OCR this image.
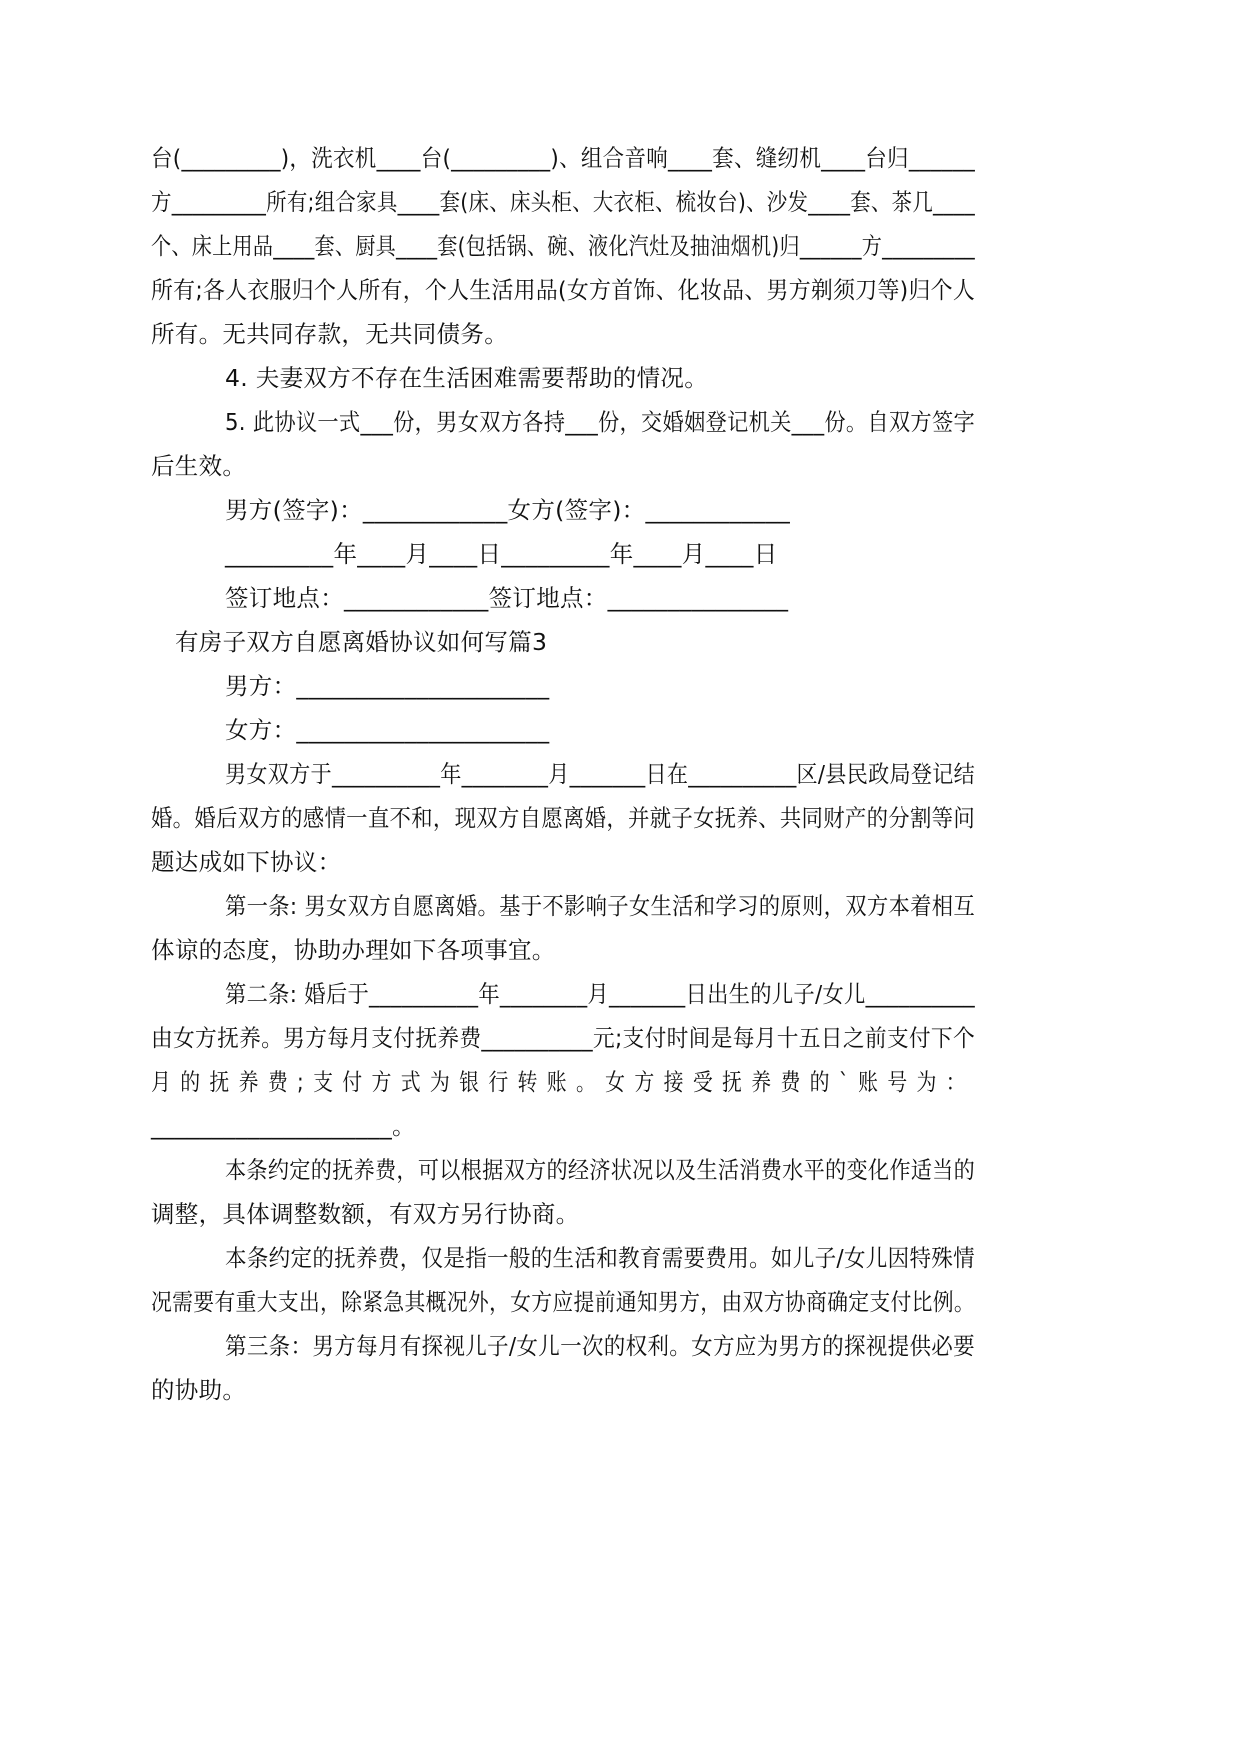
台(_________)，洗衣机____台(_________)、组合音响____套、缝纫机____台归______
方_________所有;组合家具____套(床、床头柜、大衣柜、梳妆台)、沙发____套、茶几____
个、床上用品____套、厨具____套(包括锅、碗、液化汽灶及抽油烟机)归______方_________
所有;各人衣服归个人所有，个人生活用品(女方首饰、化妆品、男方剃须刀等)归个人
所有。无共同存款，无共同债务。
4. 夫妻双方不存在生活困难需要帮助的情况。
5. 此协议一式___份，男女双方各持___份，交婚姻登记机关___份。自双方签字
后生效。
男方(签字)：____________女方(签字)：____________
_________年____月____日_________年____月____日
签订地点：____________签订地点：_______________
有房子双方自愿离婚协议如何写篇3
男方：_____________________
女方：_____________________
男女双方于__________年________月_______日在__________区/县民政局登记结
婚。婚后双方的感情一直不和，现双方自愿离婚，并就子女抚养、共同财产的分割等问
题达成如下协议：
第一条: 男女双方自愿离婚。基于不影响子女生活和学习的原则，双方本着相互
体谅的态度，协助办理如下各项事宜。
第二条: 婚后于__________年________月_______日出生的儿子/女儿__________
由女方抚养。男方每月支付抚养费__________元;支付时间是每月十五日之前支付下个
月的抚养费;支付方式为银行转账。女方接受抚养费的`账号为：
____________________。
本条约定的抚养费，可以根据双方的经济状况以及生活消费水平的变化作适当的
调整，具体调整数额，有双方另行协商。
本条约定的抚养费，仅是指一般的生活和教育需要费用。如儿子/女儿因特殊情
况需要有重大支出，除紧急其概况外，女方应提前通知男方，由双方协商确定支付比例。
第三条：男方每月有探视儿子/女儿一次的权利。女方应为男方的探视提供必要
的协助。
